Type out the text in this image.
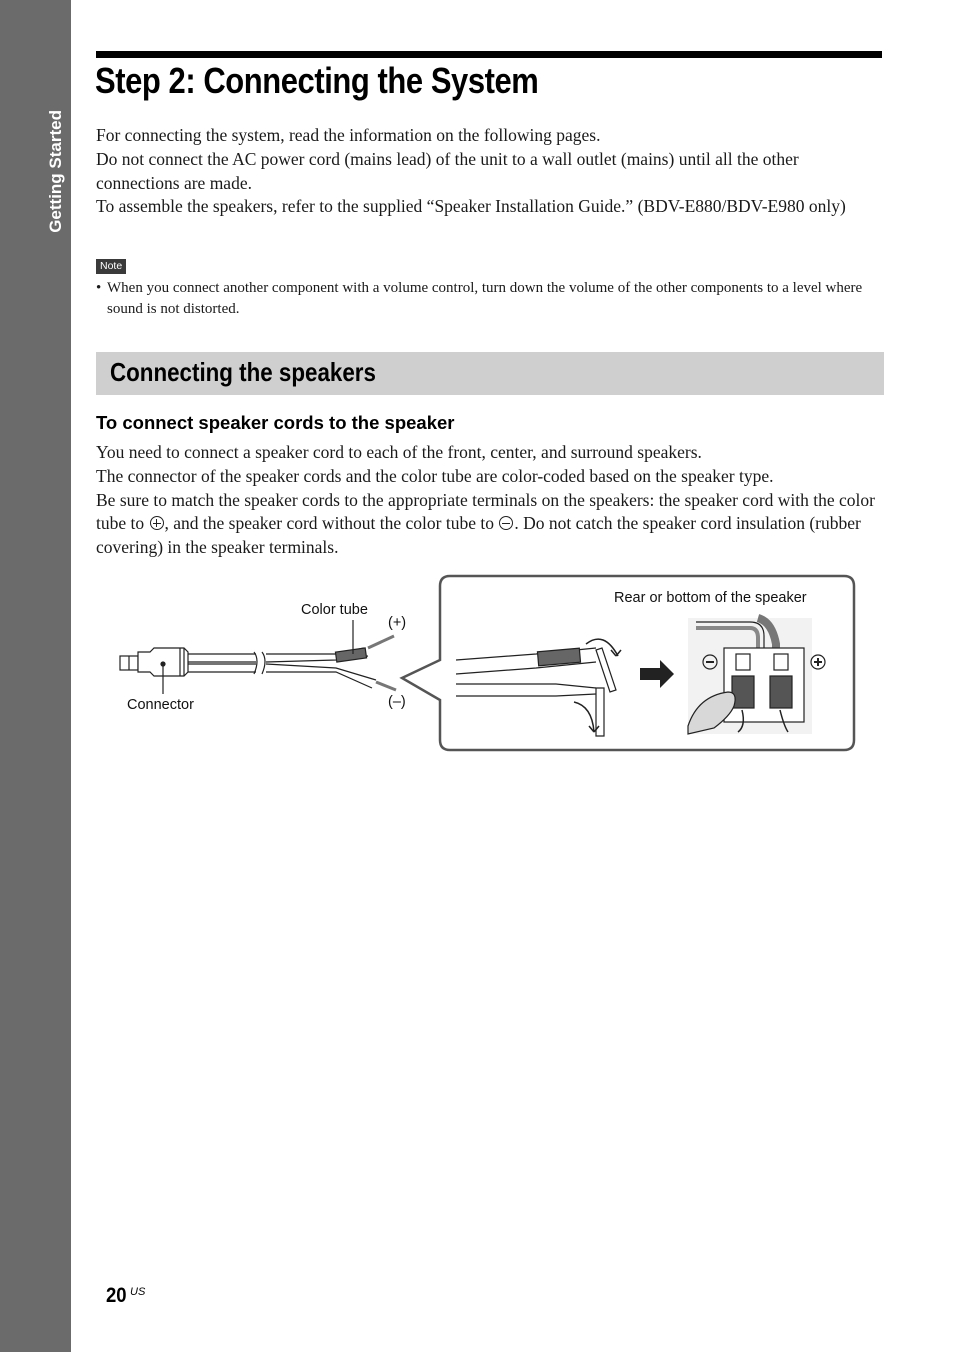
Getting Started
Step 2: Connecting the System

For connecting the system, read the information on the following pages.

Do not connect the AC power cord (mains lead) of the unit to a wall outlet (mains) until all the other connections are made.

To assemble the speakers, refer to the supplied “Speaker Installation Guide.” (BDV-E880/BDV-E980 only)

Note
• When you connect another component with a volume control, turn down the volume of the other components to a level where sound is not distorted.
Connecting the speakers
To connect speaker cords to the speaker

You need to connect a speaker cord to each of the front, center, and surround speakers.

The connector of the speaker cords and the color tube are color-coded based on the speaker type.

Be sure to match the speaker cords to the appropriate terminals on the speakers: the speaker cord with the color tube to , and the speaker cord without the color tube to . Do not catch the speaker cord insulation (rubber covering) in the speaker terminals.

Color tube
(+)
(–)
Connector
Rear or bottom of the speaker
20 US
